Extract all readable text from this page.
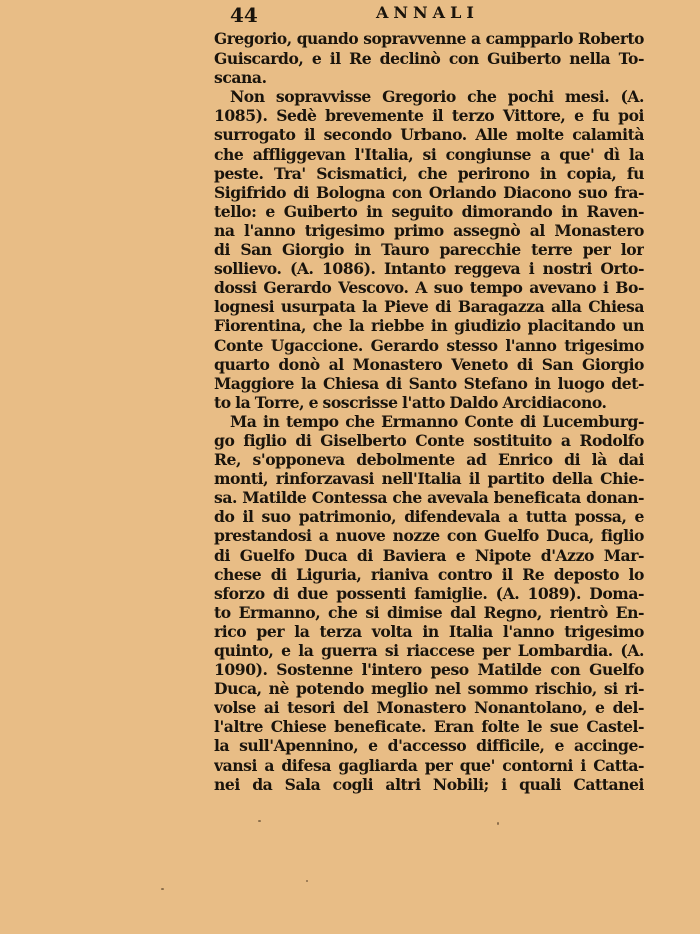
44	ANNALI
Gregorio, quando sopravvenne a campparlo Roberto
Guiscardo, e il Re declinò con Guiberto nella To-
scana.
Non sopravvisse Gregorio che pochi mesi. (A.
1085). Sedè brevemente il terzo Vittore, e fu poi
surrogato il secondo Urbano. Alle molte calamità
che affliggevan l'Italia, si congiunse a que' dì la
peste. Tra' Scismatici, che perirono in copia, fu
Sigifrido di Bologna con Orlando Diacono suo fra-
tello: e Guiberto in seguito dimorando in Raven-
na l'anno trigesimo primo assegnò al Monastero
di San Giorgio in Tauro parecchie terre per lor
sollievo. (A. 1086). Intanto reggeva i nostri Orto-
dossi Gerardo Vescovo. A suo tempo avevano i Bo-
lognesi usurpata la Pieve di Baragazza alla Chiesa
Fiorentina, che la riebbe in giudizio placitando un
Conte Ugaccione. Gerardo stesso l'anno trigesimo
quarto donò al Monastero Veneto di San Giorgio
Maggiore la Chiesa di Santo Stefano in luogo det-
to la Torre, e soscrisse l'atto Daldo Arcidiacono.
Ma in tempo che Ermanno Conte di Lucemburg-
go figlio di Giselberto Conte sostituito a Rodolfo
Re, s'opponeva debolmente ad Enrico di là dai
monti, rinforzavasi nell'Italia il partito della Chie-
sa. Matilde Contessa che avevala beneficata donan-
do il suo patrimonio, difendevala a tutta possa, e
prestandosi a nuove nozze con Guelfo Duca, figlio
di Guelfo Duca di Baviera e Nipote d'Azzo Mar-
chese di Liguria, rianiva contro il Re deposto lo
sforzo di due possenti famiglie. (A. 1089). Doma-
to Ermanno, che si dimise dal Regno, rientrò En-
rico per la terza volta in Italia l'anno trigesimo
quinto, e la guerra si riaccese per Lombardia. (A.
1090). Sostenne l'intero peso Matilde con Guelfo
Duca, nè potendo meglio nel sommo rischio, si ri-
volse ai tesori del Monastero Nonantolano, e del-
l'altre Chiese beneficate. Eran folte le sue Castel-
la sull'Apennino, e d'accesso difficile, e accinge-
vansi a difesa gagliarda per que' contorni i Catta-
nei da Sala cogli altri Nobili; i quali Cattanei
